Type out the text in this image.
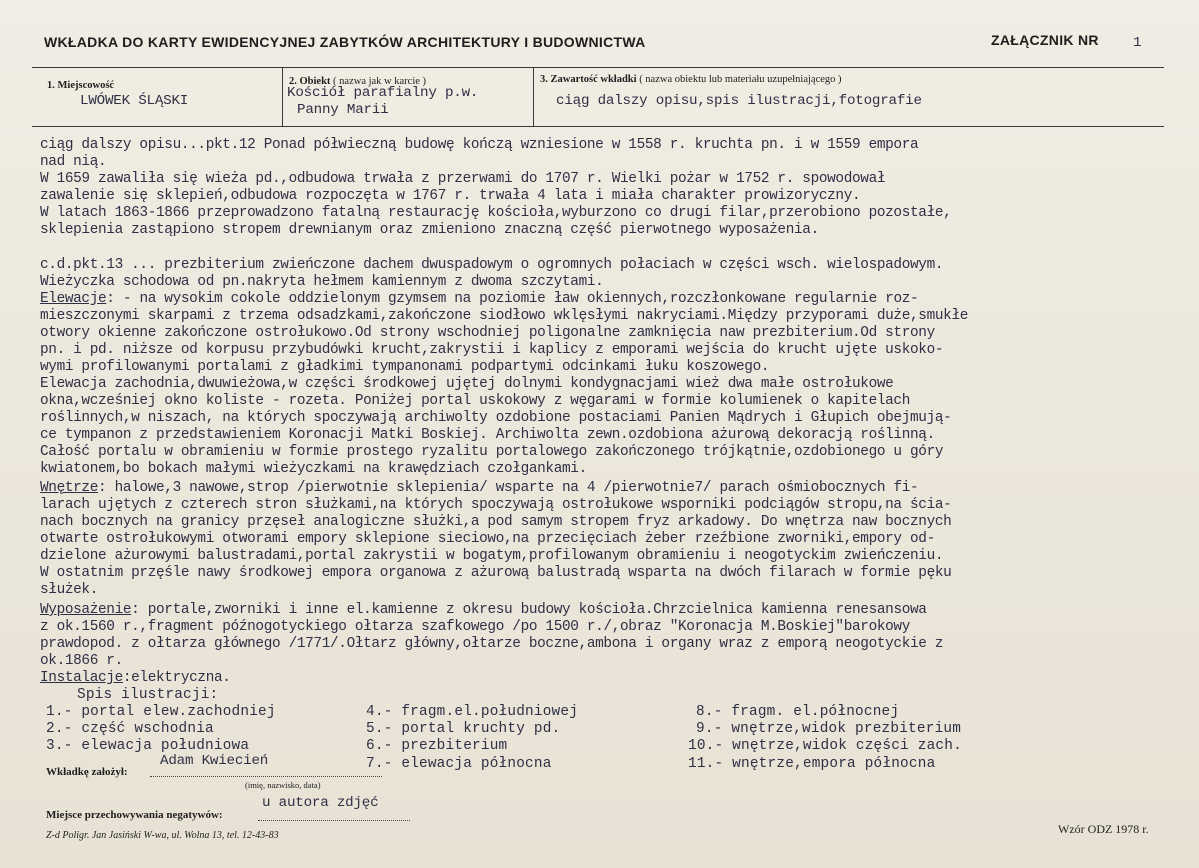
WKŁADKA DO KARTY EWIDENCYJNEJ ZABYTKÓW ARCHITEKTURY I BUDOWNICTWA	ZAŁĄCZNIK NR 1
1. Miejscowość
LWÓWEK ŚLĄSKI
2. Obiekt ( nazwa jak w karcie )
Kościół parafialny p.w.
Panny Marii
3. Zawartość wkładki ( nazwa obiektu lub materiału uzupełniającego )
ciąg dalszy opisu,spis ilustracji,fotografie
ciąg dalszy opisu...pkt.12 Ponad półwieczną budowę kończą wzniesione w 1558 r. kruchta pn. i w 1559 empora
nad nią.
W 1659 zawaliła się wieża pd.,odbudowa trwała z przerwami do 1707 r. Wielki pożar w 1752 r. spowodował
zawalenie się sklepień,odbudowa rozpoczęta w 1767 r. trwała 4 lata i miała charakter prowizoryczny.
W latach 1863-1866 przeprowadzono fatalną restaurację kościoła,wyburzono co drugi filar,przerobiono pozostałe,
sklepienia zastąpiono stropem drewnianym oraz zmieniono znaczną część pierwotnego wyposażenia.
c.d.pkt.13 ... prezbiterium zwieńczone dachem dwuspadowym o ogromnych połaciach w części wsch. wielospadowym.
Wieżyczka schodowa od pn.nakryta hełmem kamiennym z dwoma szczytami.
Elewacje: - na wysokim cokole oddzielonym gzymsem na poziomie ław okiennych,rozczłonkowane regularnie roz-
mieszczonymi skarpami z trzema odsadzkami,zakończone siodłowo wklęsłymi nakryciami.Między przyporami duże,smukłe
otwory okienne zakończone ostrołukowo.Od strony wschodniej poligonalne zamknięcia naw prezbiterium.Od strony
pn. i pd. niższe od korpusu przybudówki krucht,zakrystii i kaplicy z emporami wejścia do krucht ujęte uskoko-
wymi profilowanymi portalami z gładkimi tympanonami podpartymi odcinkami łuku koszowego.
Elewacja zachodnia,dwuwieżowa,w części środkowej ujętej dolnymi kondygnacjami wież dwa małe ostrołukowe
okna,wcześniej okno koliste - rozeta. Poniżej portal uskokowy z węgarami w formie kolumienek o kapitelach
roślinnych,w niszach, na których spoczywają archiwolty ozdobione postaciami Panien Mądrych i Głupich obejmują-
ce tympanon z przedstawieniem Koronacji Matki Boskiej. Archiwolta zewn.ozdobiona ażurową dekoracją roślinną.
Całość portalu w obramieniu w formie prostego ryzalitu portalowego zakończonego trójkątnie,ozdobionego u góry
kwiatonem,bo bokach małymi wieżyczkami na krawędziach czołgankami.
Wnętrze: halowe,3 nawowe,strop /pierwotnie sklepienia/ wsparte na 4 /pierwotnie7/ parach ośmiobocznych fi-
larach ujętych z czterech stron służkami,na których spoczywają ostrołukowe wsporniki podciągów stropu,na ścia-
nach bocznych na granicy przęseł analogiczne służki,a pod samym stropem fryz arkadowy. Do wnętrza naw bocznych
otwarte ostrołukowymi otworami empory sklepione sieciowo,na przecięciach żeber rzeźbione zworniki,empory od-
dzielone ażurowymi balustradami,portal zakrystii w bogatym,profilowanym obramieniu i neogotyckim zwieńczeniu.
W ostatnim przęśle nawy środkowej empora organowa z ażurową balustradą wsparta na dwóch filarach w formie pęku
służek.
Wyposażenie: portale,zworniki i inne el.kamienne z okresu budowy kościoła.Chrzcielnica kamienna renesansowa
z ok.1560 r.,fragment późnogotyckiego ołtarza szafkowego /po 1500 r./,obraz "Koronacja M.Boskiej"barokowy
prawdopod. z ołtarza głównego /1771/.Ołtarz główny,ołtarze boczne,ambona i organy wraz z emporą neogotyckie z
ok.1866 r.
Instalacje:elektryczna.
Spis ilustracji:
1.- portal elew.zachodniej
2.- część wschodnia
3.- elewacja południowa
4.- fragm.el.południowej
5.- portal kruchty pd.
6.- prezbiterium
7.- elewacja północna
8.- fragm. el.północnej
9.- wnętrze,widok prezbiterium
10.- wnętrze,widok części zach.
11.- wnętrze,empora północna
Wkładkę założył:
Adam Kwiecień
(imię, nazwisko, data)
Miejsce przechowywania negatywów:
u autora zdjęć
Z-d Poligr. Jan Jasiński W-wa, ul. Wolna 13, tel. 12-43-83	Wzór ODZ 1978 r.
